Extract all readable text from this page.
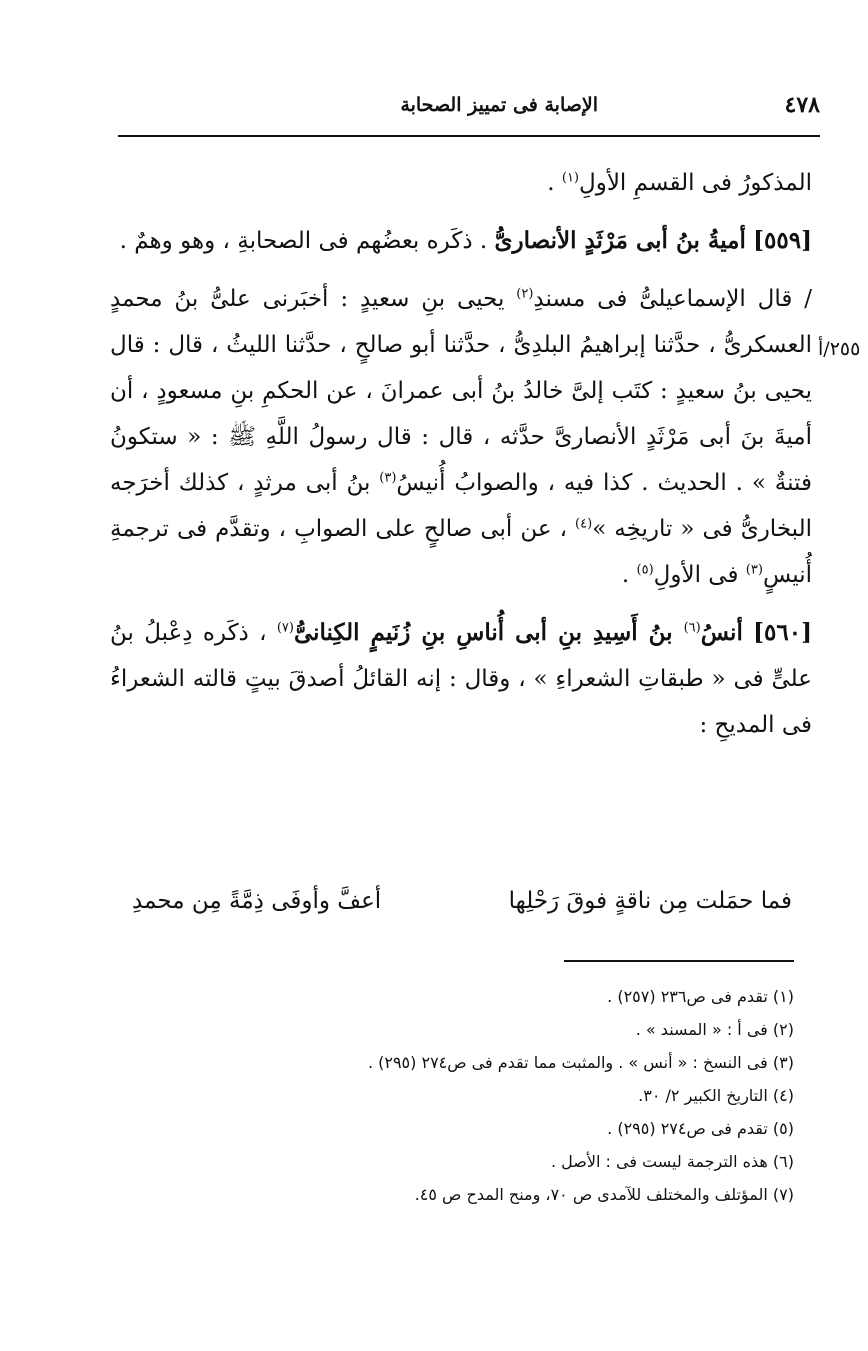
٤٧٨
الإصابة فى تمييز الصحابة
٢٥٥/أ

المذكورُ فى القسمِ الأولِ$^{(١)}$ .

[٥٥٩] أميةُ بنُ أبى مَرْثَدٍ الأنصارىُّ . ذكَره بعضُهم فى الصحابةِ ، وهو وهمٌ .

/ قال الإسماعيلىُّ فى مسندِ$^{(٢)}$ يحيى بنِ سعيدٍ : أخبَرنى علىُّ بنُ محمدٍ العسكرىُّ ، حدَّثنا إبراهيمُ البلدِىُّ ، حدَّثنا أبو صالحٍ ، حدَّثنا الليثُ ، قال : قال يحيى بنُ سعيدٍ : كتَب إلىَّ خالدُ بنُ أبى عمرانَ ، عن الحكمِ بنِ مسعودٍ ، أن أميةَ بنَ أبى مَرْثَدٍ الأنصارىَّ حدَّثه ، قال : قال رسولُ اللَّهِ ﷺ : « ستكونُ فتنةٌ » . الحديث . كذا فيه ، والصوابُ أُنيسُ$^{(٣)}$ بنُ أبى مرثدٍ ، كذلك أخرَجه البخارىُّ فى « تاريخِه »$^{(٤)}$ ، عن أبى صالحٍ على الصوابِ ، وتقدَّم فى ترجمةِ أُنيسٍ$^{(٣)}$ فى الأولِ$^{(٥)}$ .

[٥٦٠] أنسُ$^{(٦)}$ بنُ أَسِيدِ بنِ أبى أُناسِ بنِ زُنَيمٍ الكِنانىُّ$^{(٧)}$ ، ذكَره دِعْبلُ بنُ علىٍّ فى « طبقاتِ الشعراءِ » ، وقال : إنه القائلُ أصدقَ بيتٍ قالته الشعراءُ فى المديحِ :

فما حمَلت مِن ناقةٍ فوقَ رَحْلِها
أعفَّ وأوفَى ذِمَّةً مِن محمدِ
(١) تقدم فى ص٢٣٦ (٢٥٧) .
(٢) فى أ : « المسند » .
(٣) فى النسخ : « أنس » . والمثبت مما تقدم فى ص٢٧٤ (٢٩٥) .
(٤) التاريخ الكبير ٢/ ٣٠.
(٥) تقدم فى ص٢٧٤ (٢٩٥) .
(٦) هذه الترجمة ليست فى : الأصل .
(٧) المؤتلف والمختلف للآمدى ص ٧٠، ومنح المدح ص ٤٥.
